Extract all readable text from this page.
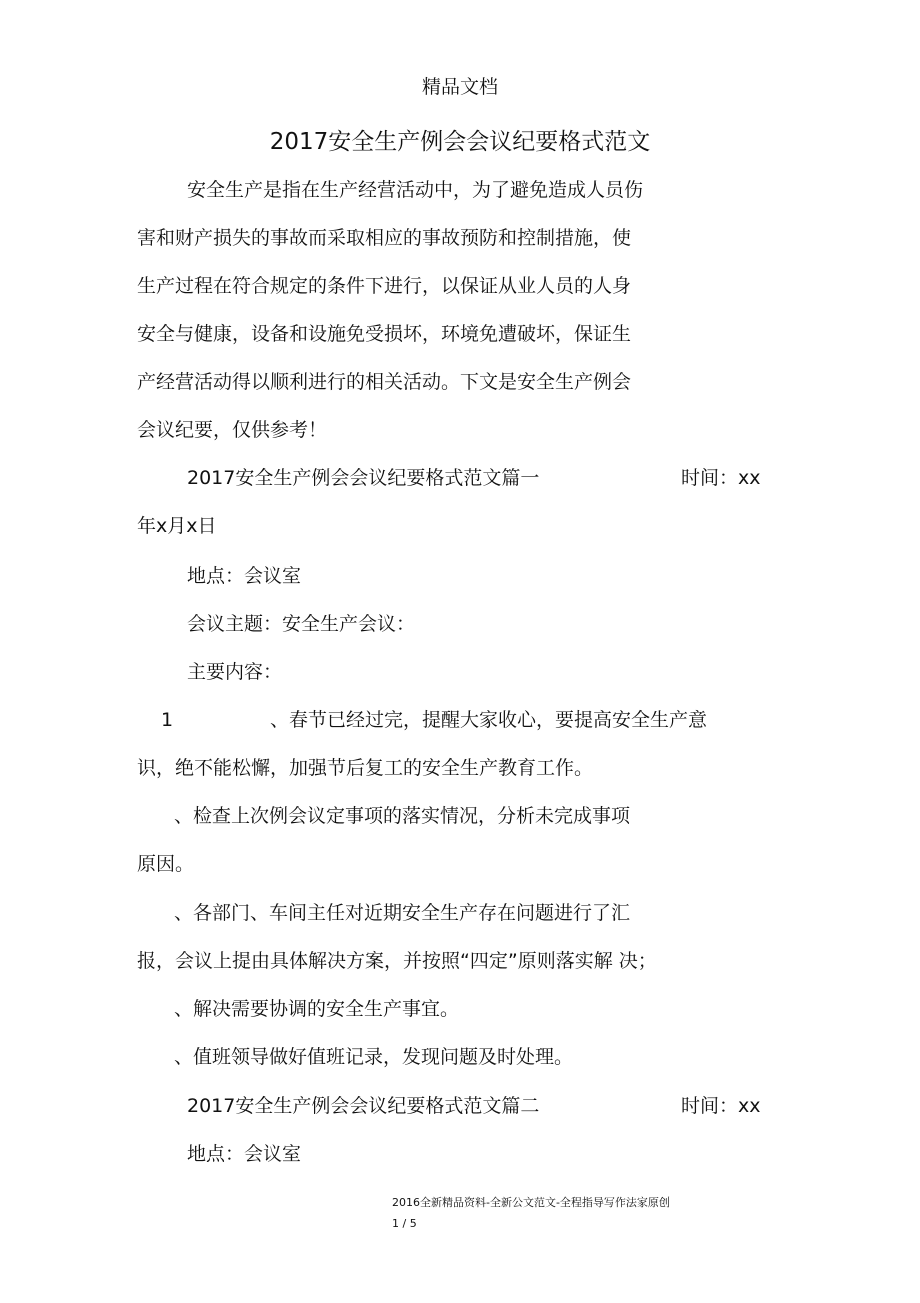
精品文档
2017安全生产例会会议纪要格式范文
安全生产是指在生产经营活动中，为了避免造成人员伤
害和财产损失的事故而采取相应的事故预防和控制措施，使
生产过程在符合规定的条件下进行，以保证从业人员的人身
安全与健康，设备和设施免受损坏，环境免遭破坏，保证生
产经营活动得以顺利进行的相关活动。下文是安全生产例会
会议纪要，仅供参考！
2017安全生产例会会议纪要格式范文篇一	时间：xx
年x月x日
地点：会议室
会议主题：安全生产会议：
主要内容：
1	、春节已经过完，提醒大家收心，要提高安全生产意
识，绝不能松懈，加强节后复工的安全生产教育工作。
、检查上次例会议定事项的落实情况，分析未完成事项
原因。
、各部门、车间主任对近期安全生产存在问题进行了汇
报，会议上提由具体解决方案，并按照“四定”原则落实解 决；
、解决需要协调的安全生产事宜。
、值班领导做好值班记录，发现问题及时处理。
2017安全生产例会会议纪要格式范文篇二	时间：xx
地点：会议室
2016全新精品资料-全新公文范文-全程指导写作法家原创
1 / 5
